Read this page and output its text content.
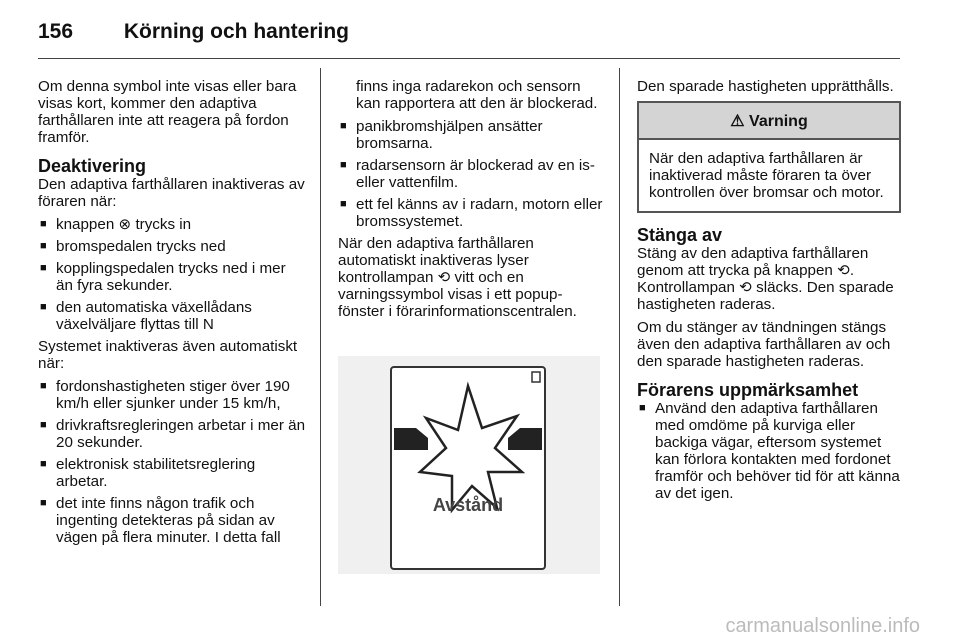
156 Körning och hantering

Om denna symbol inte visas eller bara visas kort, kommer den adaptiva farthållaren inte att reagera på fordon framför.

Deaktivering

Den adaptiva farthållaren inaktiveras av föraren när:

■ knappen ⊗ trycks in
■ bromspedalen trycks ned
■ kopplingspedalen trycks ned i mer än fyra sekunder.
■ den automatiska växellådans växelväljare flyttas till N

Systemet inaktiveras även automatiskt när:

■ fordonshastigheten stiger över 190 km/h eller sjunker under 15 km/h,
■ drivkraftsregleringen arbetar i mer än 20 sekunder.
■ elektronisk stabilitetsreglering arbetar.
■ det inte finns någon trafik och ingenting detekteras på sidan av vägen på flera minuter. I detta fall

finns inga radarekon och sensorn kan rapportera att den är blockerad.

■ panikbromshjälpen ansätter bromsarna.
■ radarsensorn är blockerad av en is- eller vattenfilm.
■ ett fel känns av i radarn, motorn eller bromssystemet.

När den adaptiva farthållaren automatiskt inaktiveras lyser kontrollampan ⟲ vitt och en varningssymbol visas i ett popup-fönster i förarinformationscentralen.

Avstånd

Den sparade hastigheten upprätthålls.

⚠ Varning
När den adaptiva farthållaren är inaktiverad måste föraren ta över kontrollen över bromsar och motor.
Stänga av

Stäng av den adaptiva farthållaren genom att trycka på knappen ⟲. Kontrollampan ⟲ släcks. Den sparade hastigheten raderas.

Om du stänger av tändningen stängs även den adaptiva farthållaren av och den sparade hastigheten raderas.

Förarens uppmärksamhet
■ Använd den adaptiva farthållaren med omdöme på kurviga eller backiga vägar, eftersom systemet kan förlora kontakten med fordonet framför och behöver tid för att känna av det igen.
carmanualsonline.info
